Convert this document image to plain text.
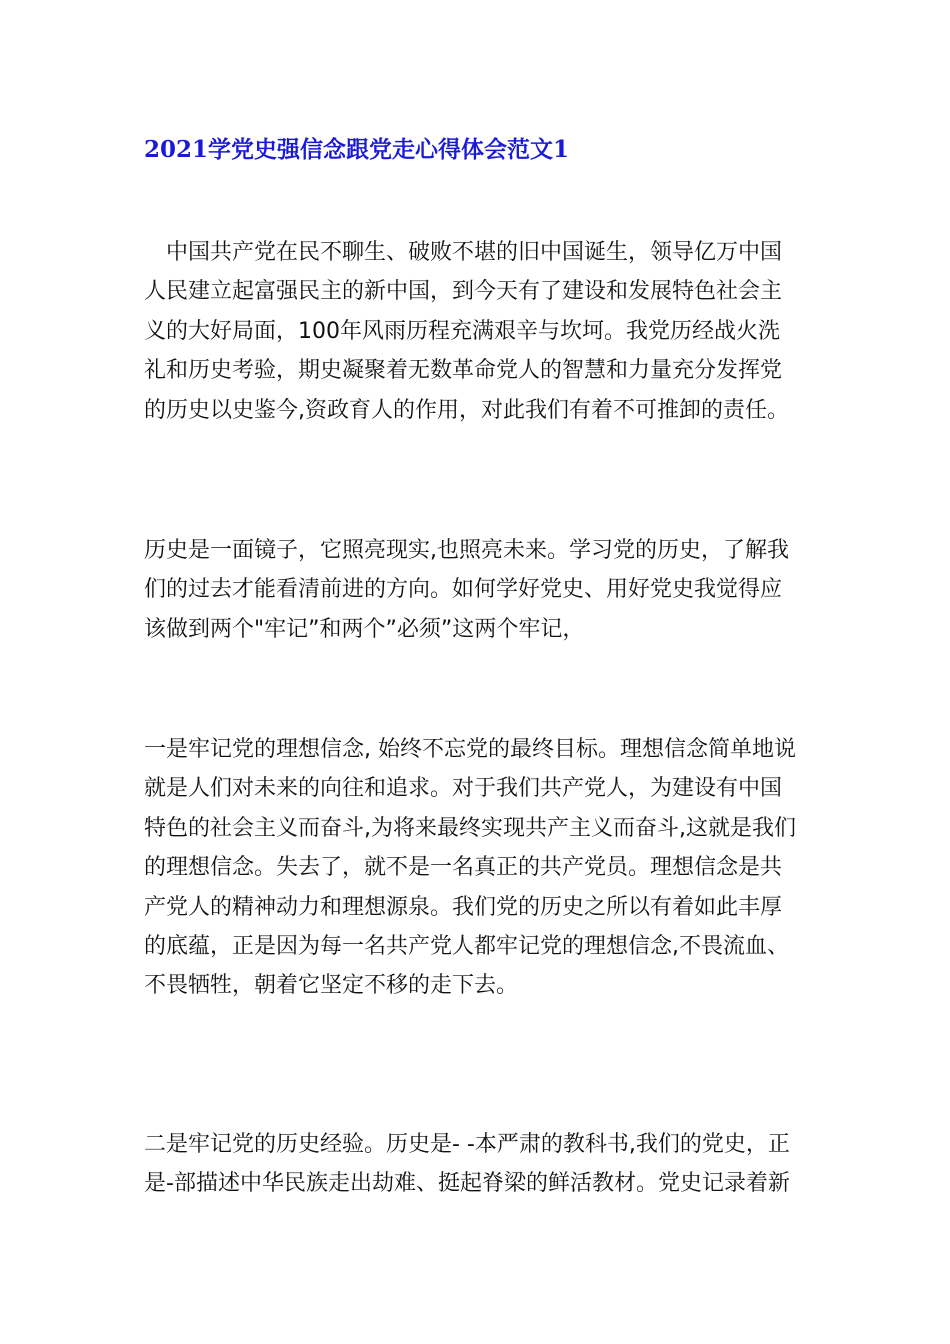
2021学党史强信念跟党走心得体会范文1
　中国共产党在民不聊生、破败不堪的旧中国诞生，领导亿万中国
人民建立起富强民主的新中国，到今天有了建设和发展特色社会主
义的大好局面，100年风雨历程充满艰辛与坎坷。我党历经战火洗
礼和历史考验，期史凝聚着无数革命党人的智慧和力量充分发挥党
的历史以史鉴今,资政育人的作用，对此我们有着不可推卸的责任。
历史是一面镜子，它照亮现实,也照亮未来。学习党的历史，了解我
们的过去才能看清前进的方向。如何学好党史、用好党史我觉得应
该做到两个"牢记”和两个”必须”这两个牢记，
一是牢记党的理想信念, 始终不忘党的最终目标。理想信念简单地说
就是人们对未来的向往和追求。对于我们共产党人，为建设有中国
特色的社会主义而奋斗,为将来最终实现共产主义而奋斗,这就是我们
的理想信念。失去了，就不是一名真正的共产党员。理想信念是共
产党人的精神动力和理想源泉。我们党的历史之所以有着如此丰厚
的底蕴，正是因为每一名共产党人都牢记党的理想信念,不畏流血、
不畏牺牲，朝着它坚定不移的走下去。
二是牢记党的历史经验。历史是- -本严肃的教科书,我们的党史，正
是-部描述中华民族走出劫难、挺起脊梁的鲜活教材。党史记录着新
